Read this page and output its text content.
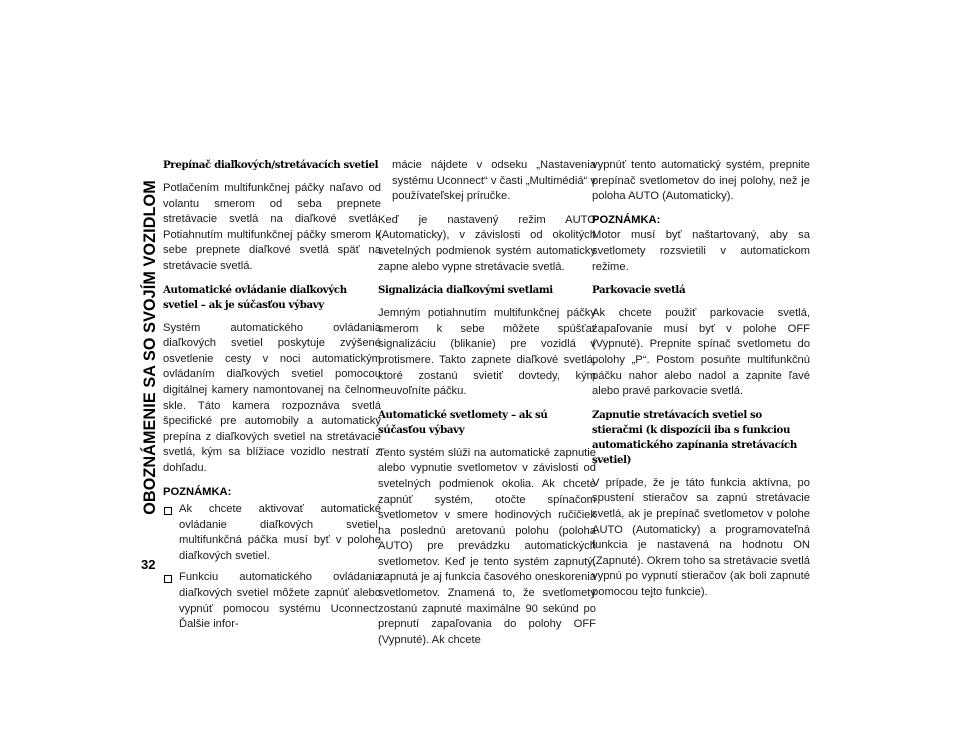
OBOZNÁMENIE SA SO SVOJÍM VOZIDLOM
32
Prepínač diaľkových/stretávacích svetiel
Potlačením multifunkčnej páčky naľavo od volantu smerom od seba prepnete stretávacie svetlá na diaľkové svetlá. Potiahnutím multifunkčnej páčky smerom k sebe prepnete diaľkové svetlá späť na stretávacie svetlá.
Automatické ovládanie diaľkových svetiel – ak je súčasťou výbavy
Systém automatického ovládania diaľkových svetiel poskytuje zvýšené osvetlenie cesty v noci automatickým ovládaním diaľkových svetiel pomocou digitálnej kamery namontovanej na čelnom skle. Táto kamera rozpoznáva svetlá špecifické pre automobily a automaticky prepína z diaľkových svetiel na stretávacie svetlá, kým sa blížiace vozidlo nestratí z dohľadu.
POZNÁMKA:
Ak chcete aktivovať automatické ovládanie diaľkových svetiel, multifunkčná páčka musí byť v polohe diaľkových svetiel.
Funkciu automatického ovládania diaľkových svetiel môžete zapnúť alebo vypnúť pomocou systému Uconnect. Ďalšie infor-
mácie nájdete v odseku „Nastavenia systému Uconnect“ v časti „Multimédiá“ v používateľskej príručke.
Keď je nastavený režim AUTO (Automaticky), v závislosti od okolitých svetelných podmienok systém automaticky zapne alebo vypne stretávacie svetlá.
Signalizácia diaľkovými svetlami
Jemným potiahnutím multifunkčnej páčky smerom k sebe môžete spúšťať signalizáciu (blikanie) pre vozidlá v protismere. Takto zapnete diaľkové svetlá, ktoré zostanú svietiť dovtedy, kým neuvoľníte páčku.
Automatické svetlomety – ak sú súčasťou výbavy
Tento systém slúži na automatické zapnutie alebo vypnutie svetlometov v závislosti od svetelných podmienok okolia. Ak chcete zapnúť systém, otočte spínačom svetlometov v smere hodinových ručičiek na poslednú aretovanú polohu (poloha AUTO) pre prevádzku automatických svetlometov. Keď je tento systém zapnutý, zapnutá je aj funkcia časového oneskorenia svetlometov. Znamená to, že svetlomety zostanú zapnuté maximálne 90 sekúnd po prepnutí zapaľovania do polohy OFF (Vypnuté). Ak chcete
vypnúť tento automatický systém, prepnite prepínač svetlometov do inej polohy, než je poloha AUTO (Automaticky).
POZNÁMKA:
Motor musí byť naštartovaný, aby sa svetlomety rozsvietili v automatickom režime.
Parkovacie svetlá
Ak chcete použiť parkovacie svetlá, zapaľovanie musí byť v polohe OFF (Vypnuté). Prepnite spínač svetlometu do polohy „P“. Postom posuňte multifunkčnú páčku nahor alebo nadol a zapnite ľavé alebo pravé parkovacie svetlá.
Zapnutie stretávacích svetiel so stieračmi (k dispozícii iba s funkciou automatického zapínania stretávacích svetiel)
V prípade, že je táto funkcia aktívna, po spustení stieračov sa zapnú stretávacie svetlá, ak je prepínač svetlometov v polohe AUTO (Automaticky) a programovateľná funkcia je nastavená na hodnotu ON (Zapnuté). Okrem toho sa stretávacie svetlá vypnú po vypnutí stieračov (ak boli zapnuté pomocou tejto funkcie).
